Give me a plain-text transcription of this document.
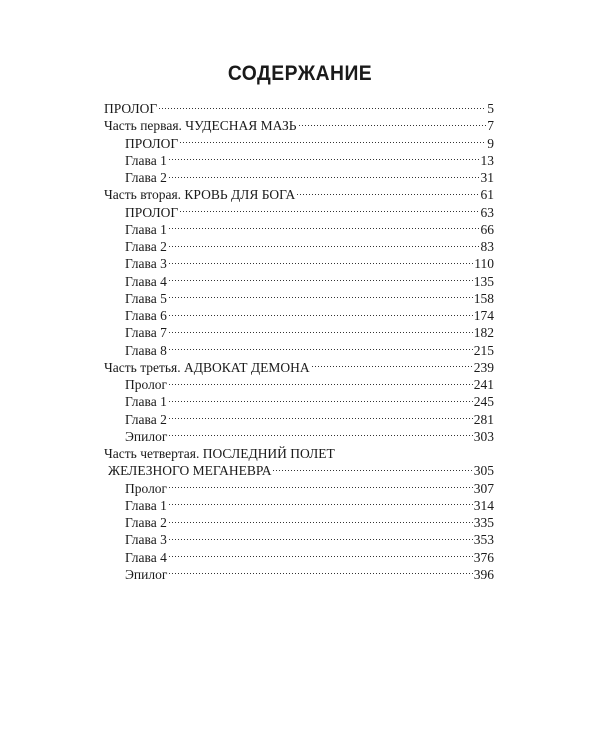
СОДЕРЖАНИЕ
ПРОЛОГ	5
Часть первая. ЧУДЕСНАЯ МАЗЬ	7
ПРОЛОГ	9
Глава 1	13
Глава 2	31
Часть вторая. КРОВЬ ДЛЯ БОГА	61
ПРОЛОГ	63
Глава 1	66
Глава 2	83
Глава 3	110
Глава 4	135
Глава 5	158
Глава 6	174
Глава 7	182
Глава 8	215
Часть третья. АДВОКАТ ДЕМОНА	239
Пролог	241
Глава 1	245
Глава 2	281
Эпилог	303
Часть четвертая. ПОСЛЕДНИЙ ПОЛЕТ
ЖЕЛЕЗНОГО МЕГАНЕВРА	305
Пролог	307
Глава 1	314
Глава 2	335
Глава 3	353
Глава 4	376
Эпилог	396
